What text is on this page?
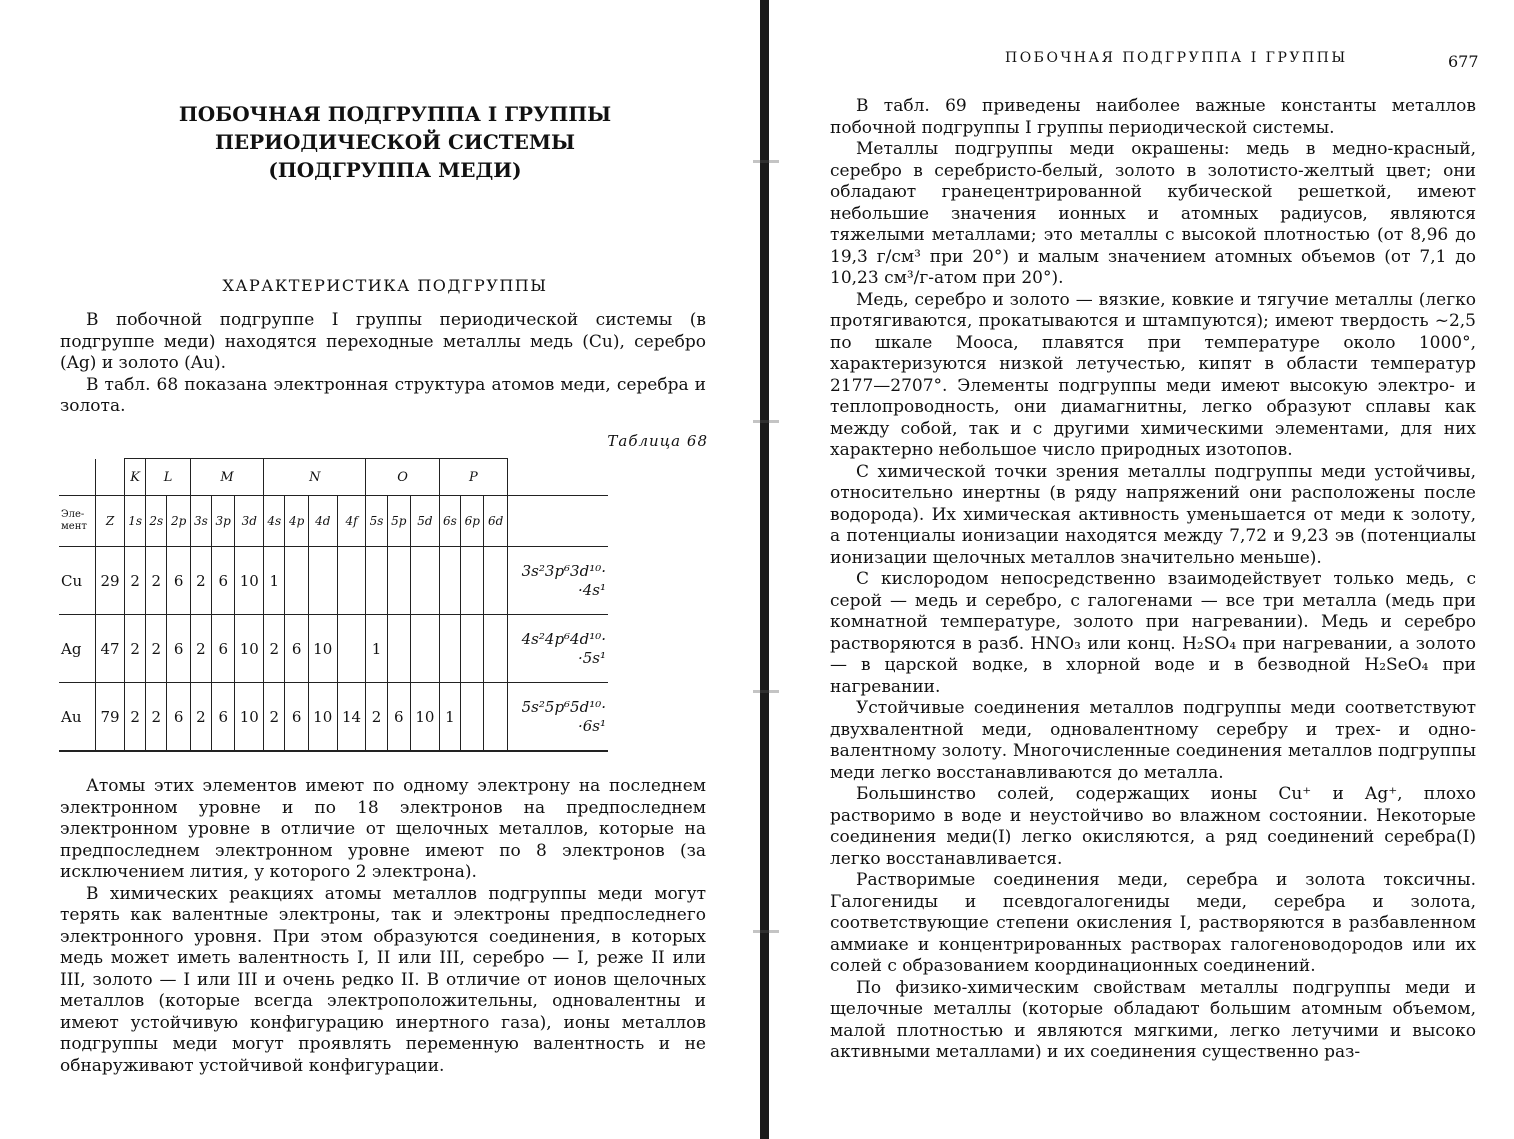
ПОБОЧНАЯ ПОДГРУППА I ГРУППЫ
ПЕРИОДИЧЕСКОЙ СИСТЕМЫ
(ПОДГРУППА МЕДИ)
ХАРАКТЕРИСТИКА ПОДГРУППЫ

В побочной подгруппе I группы периодической системы (в подгруппе меди) находятся переходные металлы медь (Cu), серебро (Ag) и золото (Au).

В табл. 68 показана электронная структура атомов меди, серебра и золота.

Таблица 68
		K	L		M			N				O			P			
Эле-
мент	Z	1s	2s	2p	3s	3p	3d	4s	4p	4d	4f	5s	5p	5d	6s	6p	6d	
Cu	29	2	2	6	2	6	10	1										3s²3p⁶3d¹⁰·
·4s¹

Ag	47	2	2	6	2	6	10	2	6	10		1						4s²4p⁶4d¹⁰·
·5s¹

Au	79	2	2	6	2	6	10	2	6	10	14	2	6	10	1			5s²5p⁶5d¹⁰·
·6s¹

Атомы этих элементов имеют по одному электрону на последнем электронном уровне и по 18 электронов на предпоследнем электронном уровне в отличие от щелочных металлов, которые на предпоследнем электронном уровне имеют по 8 электронов (за исключением лития, у которого 2 электрона).

В химических реакциях атомы металлов подгруппы меди могут терять как валентные электроны, так и электроны предпоследнего электронного уровня. При этом образуются соединения, в которых медь может иметь валентность I, II или III, серебро — I, реже II или III, золото — I или III и очень редко II. В отличие от ионов щелочных металлов (которые всегда электроположительны, одновалентны и имеют устойчивую конфигурацию инертного газа), ионы металлов подгруппы меди могут проявлять переменную валентность и не обнаруживают устойчивой конфигурации.

ПОБОЧНАЯ ПОДГРУППА I ГРУППЫ	677

В табл. 69 приведены наиболее важные константы металлов побочной подгруппы I группы периодической системы.

Металлы подгруппы меди окрашены: медь в медно-красный, серебро в серебристо-белый, золото в золотисто-желтый цвет; они обладают гранецентрированной кубической решеткой, имеют небольшие значения ионных и атомных радиусов, являются тяжелыми металлами; это металлы с высокой плотностью (от 8,96 до 19,3 г/см³ при 20°) и малым значением атомных объемов (от 7,1 до 10,23 см³/г-атом при 20°).

Медь, серебро и золото — вязкие, ковкие и тягучие металлы (легко протягиваются, прокатываются и штампуются); имеют твердость ~2,5 по шкале Мооса, плавятся при температуре около 1000°, характеризуются низкой летучестью, кипят в области температур 2177—2707°. Элементы подгруппы меди имеют высокую электро- и теплопроводность, они диамагнитны, легко образуют сплавы как между собой, так и с другими химическими элементами, для них характерно небольшое число природных изотопов.

С химической точки зрения металлы подгруппы меди устойчивы, относительно инертны (в ряду напряжений они расположены после водорода). Их химическая активность уменьшается от меди к золоту, а потенциалы ионизации находятся между 7,72 и 9,23 эв (потенциалы ионизации щелочных металлов значительно меньше).

С кислородом непосредственно взаимодействует только медь, с серой — медь и серебро, с галогенами — все три металла (медь при комнатной температуре, золото при нагревании). Медь и серебро растворяются в разб. HNO₃ или конц. H₂SO₄ при нагревании, а золото — в царской водке, в хлорной воде и в безводной H₂SeO₄ при нагревании.

Устойчивые соединения металлов подгруппы меди соответствуют двухвалентной меди, одновалентному серебру и трех- и одно-валентному золоту. Многочисленные соединения металлов подгруппы меди легко восстанавливаются до металла.

Большинство солей, содержащих ионы Cu⁺ и Ag⁺, плохо растворимо в воде и неустойчиво во влажном состоянии. Некоторые соединения меди(I) легко окисляются, а ряд соединений серебра(I) легко восстанавливается.

Растворимые соединения меди, серебра и золота токсичны. Галогениды и псевдогалогениды меди, серебра и золота, соответствующие степени окисления I, растворяются в разбавленном аммиаке и концентрированных растворах галогеноводородов или их солей с образованием координационных соединений.

По физико-химическим свойствам металлы подгруппы меди и щелочные металлы (которые обладают большим атомным объемом, малой плотностью и являются мягкими, легко летучими и высоко активными металлами) и их соединения существенно раз-
